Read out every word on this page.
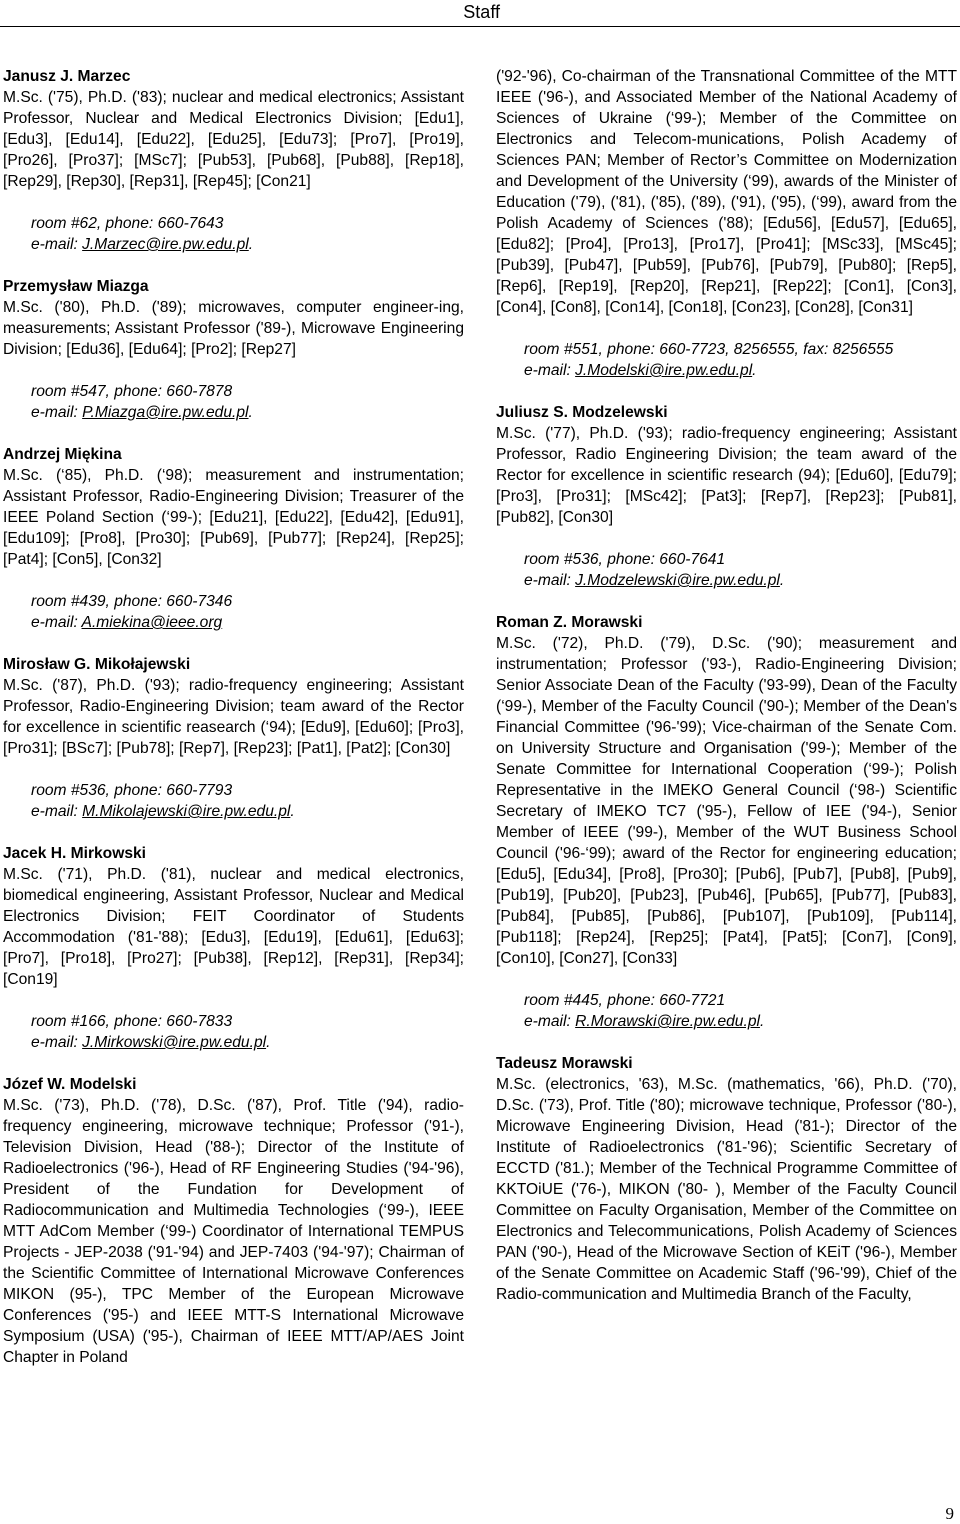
Staff
Janusz J. Marzec
M.Sc. ('75), Ph.D. ('83); nuclear and medical electronics; Assistant Professor, Nuclear and Medical Electronics Division; [Edu1], [Edu3], [Edu14], [Edu22], [Edu25], [Edu73]; [Pro7], [Pro19], [Pro26], [Pro37]; [MSc7]; [Pub53], [Pub68], [Pub88], [Rep18], [Rep29], [Rep30], [Rep31], [Rep45]; [Con21]
room #62, phone: 660-7643
e-mail: J.Marzec@ire.pw.edu.pl.
Przemysław Miazga
M.Sc. ('80), Ph.D. ('89); microwaves, computer engineer-ing, measurements; Assistant Professor ('89-), Microwave Engineering Division; [Edu36], [Edu64]; [Pro2]; [Rep27]
room #547, phone: 660-7878
e-mail: P.Miazga@ire.pw.edu.pl.
Andrzej Miękina
M.Sc. (‘85), Ph.D. (‘98); measurement and instrumentation; Assistant Professor, Radio-Engineering Division; Treasurer of the IEEE Poland Section (‘99-); [Edu21], [Edu22], [Edu42], [Edu91], [Edu109]; [Pro8], [Pro30]; [Pub69], [Pub77]; [Rep24], [Rep25]; [Pat4]; [Con5], [Con32]
room #439, phone: 660-7346
e-mail: A.miekina@ieee.org
Mirosław G. Mikołajewski
M.Sc. ('87), Ph.D. ('93); radio-frequency engineering; Assistant Professor, Radio-Engineering Division; team award of the Rector for excellence in scientific reasearch (‘94); [Edu9], [Edu60]; [Pro3], [Pro31]; [BSc7]; [Pub78]; [Rep7], [Rep23]; [Pat1], [Pat2]; [Con30]
room #536, phone: 660-7793
e-mail: M.Mikolajewski@ire.pw.edu.pl.
Jacek H. Mirkowski
M.Sc. ('71), Ph.D. ('81), nuclear and medical electronics, biomedical engineering, Assistant Professor, Nuclear and Medical Electronics Division; FEIT Coordinator of Students Accommodation ('81-'88); [Edu3], [Edu19], [Edu61], [Edu63]; [Pro7], [Pro18], [Pro27]; [Pub38], [Rep12], [Rep31], [Rep34]; [Con19]
room #166, phone: 660-7833
e-mail: J.Mirkowski@ire.pw.edu.pl.
Józef W. Modelski
M.Sc. ('73), Ph.D. ('78), D.Sc. ('87), Prof. Title ('94), radio-frequency engineering, microwave technique; Professor ('91-), Television Division, Head ('88-); Director of the Institute of Radioelectronics ('96-), Head of RF Engineering Studies ('94-'96), President of the Fundation for Development of Radiocommunication and Multimedia Technologies (‘99-), IEEE MTT AdCom Member (‘99-) Coordinator of International TEMPUS Projects - JEP-2038 ('91-'94) and JEP-7403 ('94-'97); Chairman of the Scientific Committee of International Microwave Conferences MIKON (95-), TPC Member of the European Microwave Conferences ('95-) and IEEE MTT-S International Microwave Symposium (USA) ('95-), Chairman of IEEE MTT/AP/AES Joint Chapter in Poland
('92-'96), Co-chairman of the Transnational Committee of the MTT IEEE ('96-), and Associated Member of the National Academy of Sciences of Ukraine (‘99-); Member of the Committee on Electronics and Telecom-munications, Polish Academy of Sciences PAN; Member of Rector’s Committee on Modernization and Development of the University (‘99), awards of the Minister of Education ('79), ('81), ('85), ('89), ('91), ('95), (‘99), award from the Polish Academy of Sciences ('88); [Edu56], [Edu57], [Edu65], [Edu82]; [Pro4], [Pro13], [Pro17], [Pro41]; [MSc33], [MSc45]; [Pub39], [Pub47], [Pub59], [Pub76], [Pub79], [Pub80]; [Rep5], [Rep6], [Rep19], [Rep20], [Rep21], [Rep22]; [Con1], [Con3], [Con4], [Con8], [Con14], [Con18], [Con23], [Con28], [Con31]
room #551, phone: 660-7723, 8256555, fax: 8256555
e-mail: J.Modelski@ire.pw.edu.pl.
Juliusz S. Modzelewski
M.Sc. ('77), Ph.D. ('93); radio-frequency engineering; Assistant Professor, Radio Engineering Division; the team award of the Rector for excellence in scientific research (94); [Edu60], [Edu79]; [Pro3], [Pro31]; [MSc42]; [Pat3]; [Rep7], [Rep23]; [Pub81], [Pub82], [Con30]
room #536, phone: 660-7641
e-mail: J.Modzelewski@ire.pw.edu.pl.
Roman Z. Morawski
M.Sc. ('72), Ph.D. ('79), D.Sc. ('90); measurement and instrumentation; Professor ('93-), Radio-Engineering Division; Senior Associate Dean of the Faculty ('93-99), Dean of the Faculty (‘99-), Member of the Faculty Council ('90-); Member of the Dean's Financial Committee ('96-'99); Vice-chairman of the Senate Com. on University Structure and Organisation ('99-); Member of the Senate Committee for International Cooperation (‘99-); Polish Representative in the IMEKO General Council (‘98-) Scientific Secretary of IMEKO TC7 ('95-), Fellow of IEE ('94-), Senior Member of IEEE ('99-), Member of the WUT Business School Council ('96-‘99); award of the Rector for engineering education; [Edu5], [Edu34], [Pro8], [Pro30]; [Pub6], [Pub7], [Pub8], [Pub9], [Pub19], [Pub20], [Pub23], [Pub46], [Pub65], [Pub77], [Pub83], [Pub84], [Pub85], [Pub86], [Pub107], [Pub109], [Pub114], [Pub118]; [Rep24], [Rep25]; [Pat4], [Pat5]; [Con7], [Con9], [Con10], [Con27], [Con33]
room #445, phone: 660-7721
e-mail: R.Morawski@ire.pw.edu.pl.
Tadeusz Morawski
M.Sc. (electronics, '63), M.Sc. (mathematics, '66), Ph.D. ('70), D.Sc. ('73), Prof. Title ('80); microwave technique, Professor ('80-), Microwave Engineering Division, Head ('81-); Director of the Institute of Radioelectronics ('81-'96); Scientific Secretary of ECCTD ('81.); Member of the Technical Programme Committee of KKTOiUE ('76-), MIKON ('80- ), Member of the Faculty Council Committee on Faculty Organisation, Member of the Committee on Electronics and Telecommunications, Polish Academy of Sciences PAN ('90-), Head of the Microwave Section of KEiT ('96-), Member of the Senate Committee on Academic Staff ('96-'99), Chief of the Radio-communication and Multimedia Branch of the Faculty,
9
